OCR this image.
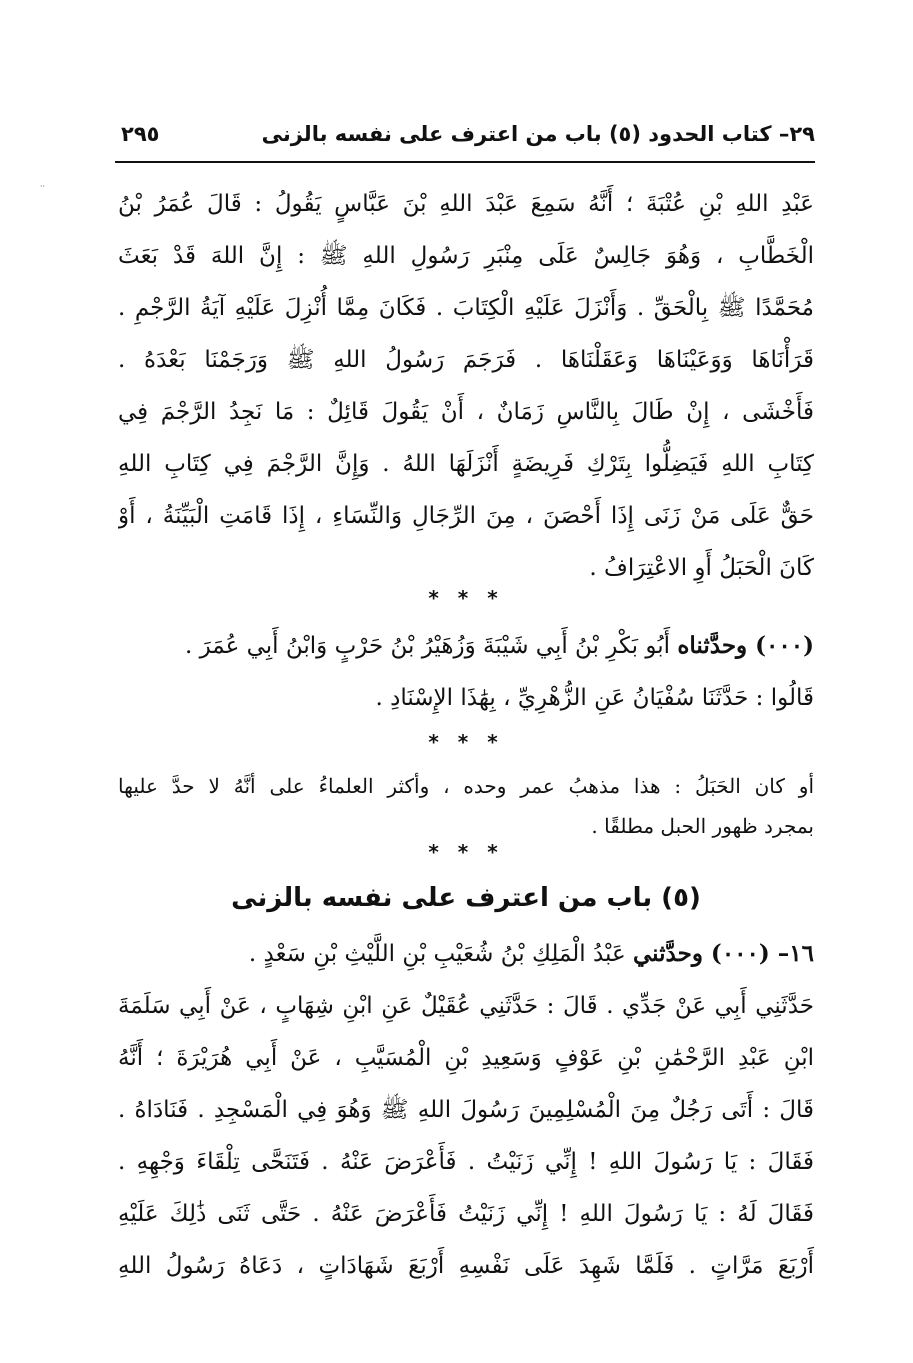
٢٩– كتاب الحدود (٥) باب من اعترف على نفسه بالزنى
٢٩٥
··
عَبْدِ اللهِ بْنِ عُتْبَةَ ؛ أَنَّهُ سَمِعَ عَبْدَ اللهِ بْنَ عَبَّاسٍ يَقُولُ : قَالَ عُمَرُ بْنُ
الْخَطَّابِ ، وَهُوَ جَالِسٌ عَلَى مِنْبَرِ رَسُولِ اللهِ ﷺ : إِنَّ اللهَ قَدْ بَعَثَ
مُحَمَّدًا ﷺ بِالْحَقِّ . وَأَنْزَلَ عَلَيْهِ الْكِتَابَ . فَكَانَ مِمَّا أُنْزِلَ عَلَيْهِ آيَةُ الرَّجْمِ .
قَرَأْنَاهَا وَوَعَيْنَاهَا وَعَقَلْنَاهَا . فَرَجَمَ رَسُولُ اللهِ ﷺ وَرَجَمْنَا بَعْدَهُ .
فَأَخْشَى ، إِنْ طَالَ بِالنَّاسِ زَمَانٌ ، أَنْ يَقُولَ قَائِلٌ : مَا نَجِدُ الرَّجْمَ فِي
كِتَابِ اللهِ فَيَضِلُّوا بِتَرْكِ فَرِيضَةٍ أَنْزَلَهَا اللهُ . وَإِنَّ الرَّجْمَ فِي كِتَابِ اللهِ
حَقٌّ عَلَى مَنْ زَنَى إِذَا أَحْصَنَ ، مِنَ الرِّجَالِ وَالنِّسَاءِ ، إِذَا قَامَتِ الْبَيِّنَةُ ، أَوْ
كَانَ الْحَبَلُ أَوِ الاعْتِرَافُ .
* * *
(٠٠٠) وحدَّثناه أَبُو بَكْرِ بْنُ أَبِي شَيْبَةَ وَزُهَيْرُ بْنُ حَرْبٍ وَابْنُ أَبِي عُمَرَ .
قَالُوا : حَدَّثَنَا سُفْيَانُ عَنِ الزُّهْرِيِّ ، بِهَٰذَا الإِسْنَادِ .
* * *
أو كان الحَبَلُ : هذا مذهبُ عمر وحده ، وأكثر العلماءُ على أنَّهُ لا حدَّ عليها
بمجرد ظهور الحبل مطلقًا .
* * *
(٥) باب من اعترف على نفسه بالزنى
١٦– (٠٠٠) وحدَّثني عَبْدُ الْمَلِكِ بْنُ شُعَيْبِ بْنِ اللَّيْثِ بْنِ سَعْدٍ .
حَدَّثَنِي أَبِي عَنْ جَدِّي . قَالَ : حَدَّثَنِي عُقَيْلٌ عَنِ ابْنِ شِهَابٍ ، عَنْ أَبِي سَلَمَةَ
ابْنِ عَبْدِ الرَّحْمَٰنِ بْنِ عَوْفٍ وَسَعِيدِ بْنِ الْمُسَيَّبِ ، عَنْ أَبِي هُرَيْرَةَ ؛ أَنَّهُ
قَالَ : أَتَى رَجُلٌ مِنَ الْمُسْلِمِينَ رَسُولَ اللهِ ﷺ وَهُوَ فِي الْمَسْجِدِ . فَنَادَاهُ .
فَقَالَ : يَا رَسُولَ اللهِ ! إِنِّي زَنَيْتُ . فَأَعْرَضَ عَنْهُ . فَتَنَحَّى تِلْقَاءَ وَجْهِهِ .
فَقَالَ لَهُ : يَا رَسُولَ اللهِ ! إِنِّي زَنَيْتُ فَأَعْرَضَ عَنْهُ . حَتَّى ثَنَى ذَٰلِكَ عَلَيْهِ
أَرْبَعَ مَرَّاتٍ . فَلَمَّا شَهِدَ عَلَى نَفْسِهِ أَرْبَعَ شَهَادَاتٍ ، دَعَاهُ رَسُولُ اللهِ
